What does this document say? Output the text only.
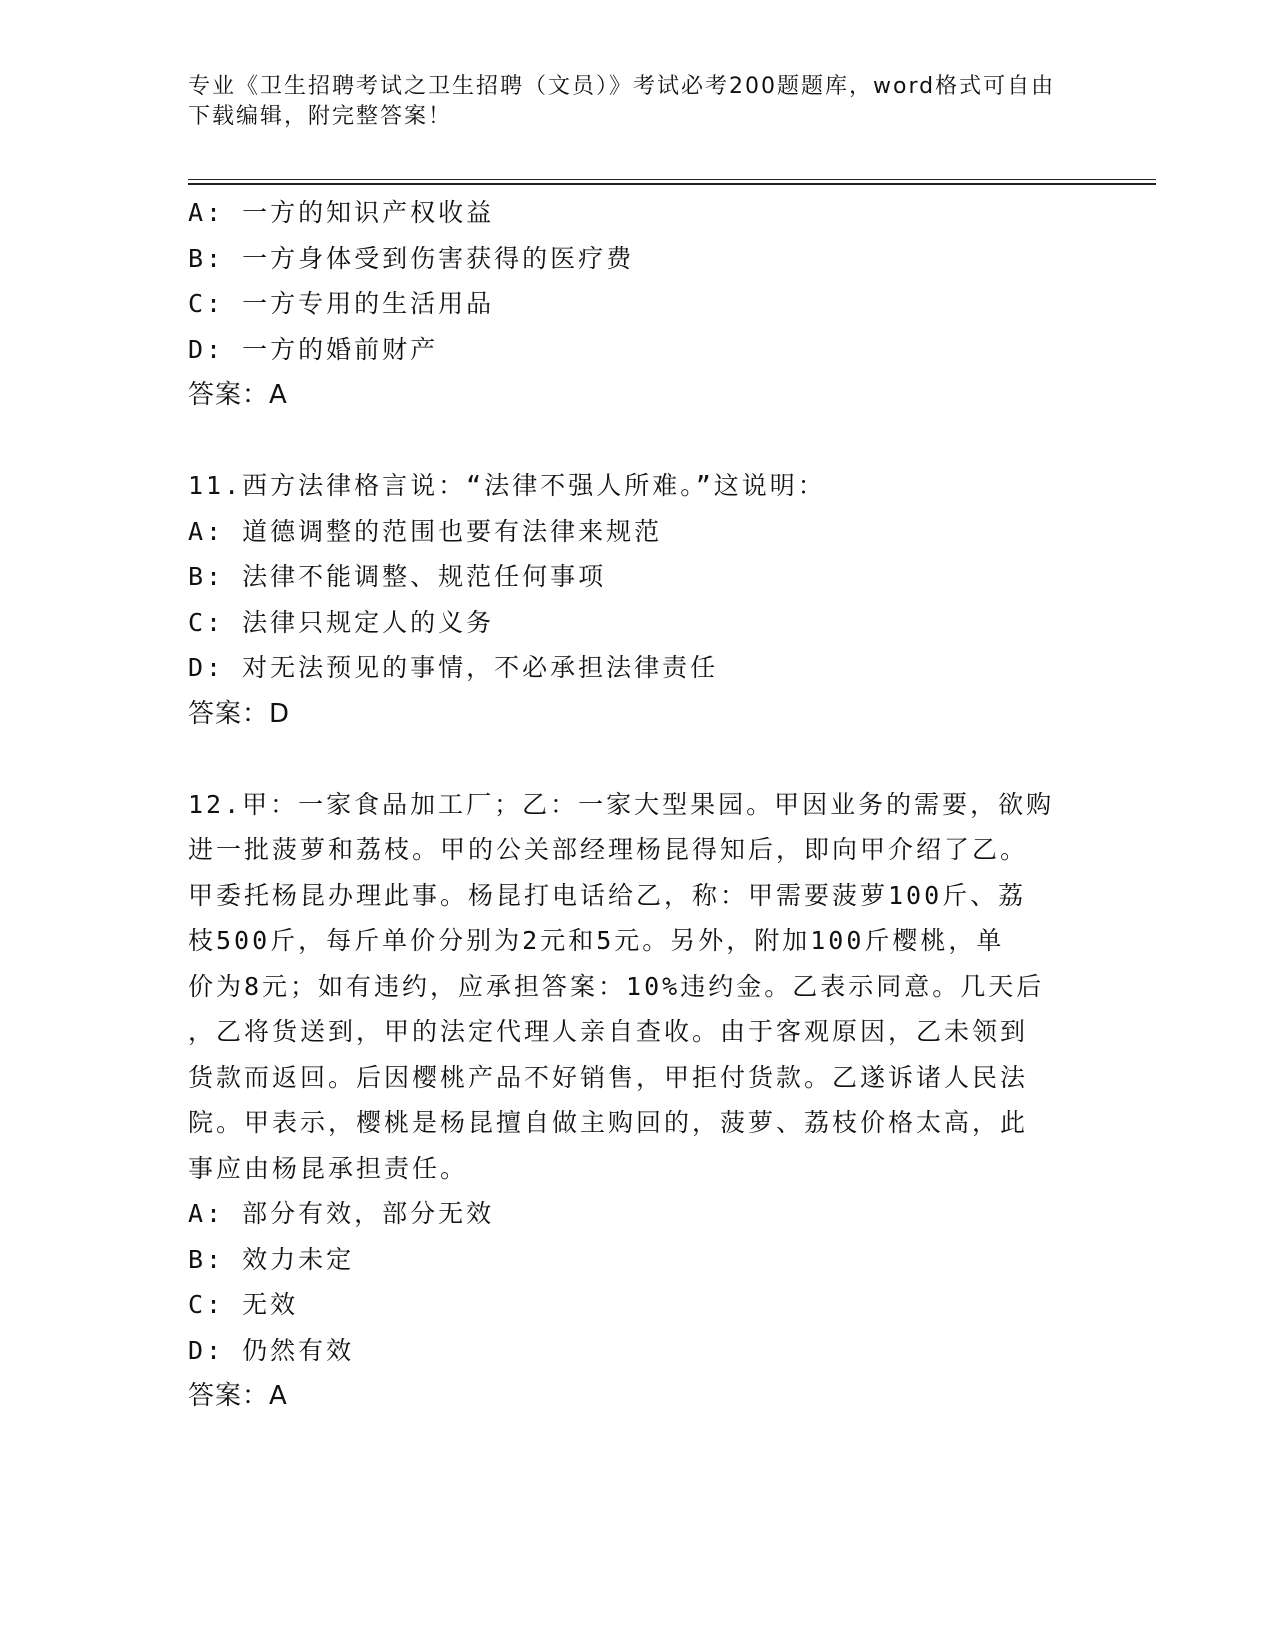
专业《卫生招聘考试之卫生招聘（文员）》考试必考200题题库，word格式可自由下载编辑，附完整答案！

A: 一方的知识产权收益

B: 一方身体受到伤害获得的医疗费

C: 一方专用的生活用品

D: 一方的婚前财产

答案：A

11.西方法律格言说：“法律不强人所难。”这说明：

A: 道德调整的范围也要有法律来规范

B: 法律不能调整、规范任何事项

C: 法律只规定人的义务

D: 对无法预见的事情，不必承担法律责任

答案：D

12.甲：一家食品加工厂；乙：一家大型果园。甲因业务的需要，欲购

进一批菠萝和荔枝。甲的公关部经理杨昆得知后，即向甲介绍了乙。

甲委托杨昆办理此事。杨昆打电话给乙，称：甲需要菠萝100斤、荔

枝500斤，每斤单价分别为2元和5元。另外，附加100斤樱桃，单

价为8元；如有违约，应承担答案：10%违约金。乙表示同意。几天后

，乙将货送到，甲的法定代理人亲自查收。由于客观原因，乙未领到

货款而返回。后因樱桃产品不好销售，甲拒付货款。乙遂诉诸人民法

院。甲表示，樱桃是杨昆擅自做主购回的，菠萝、荔枝价格太高，此

事应由杨昆承担责任。

A: 部分有效，部分无效

B: 效力未定

C: 无效

D: 仍然有效

答案：A
